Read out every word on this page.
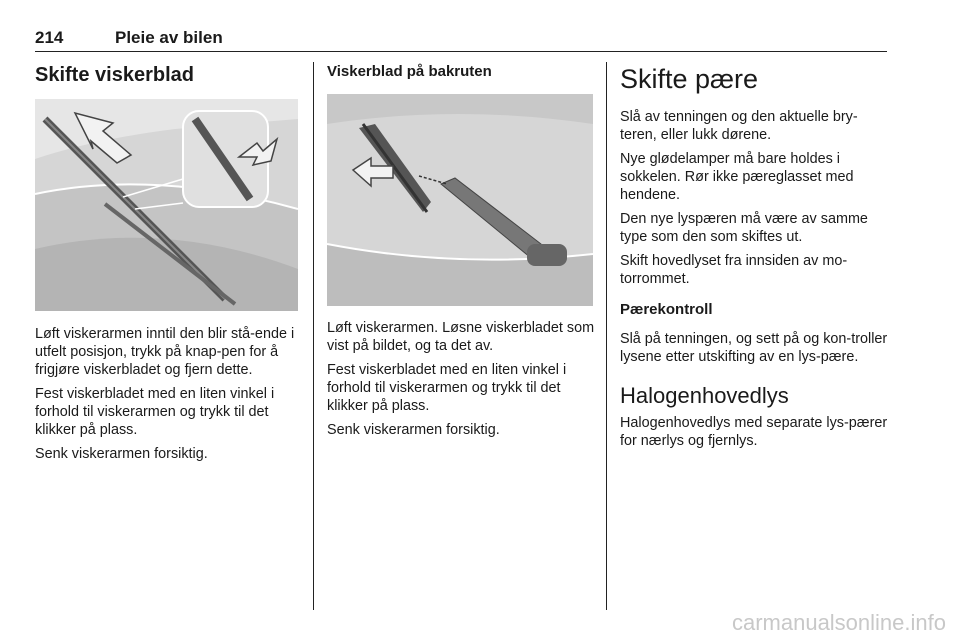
214	Pleie av bilen
Skifte viskerblad

Løft viskerarmen inntil den blir stå-ende i utfelt posisjon, trykk på knap-pen for å frigjøre viskerbladet og fjern dette.

Fest viskerbladet med en liten vinkel i forhold til viskerarmen og trykk til det klikker på plass.

Senk viskerarmen forsiktig.

Viskerblad på bakruten

Løft viskerarmen. Løsne viskerbladet som vist på bildet, og ta det av.

Fest viskerbladet med en liten vinkel i forhold til viskerarmen og trykk til det klikker på plass.

Senk viskerarmen forsiktig.

Skifte pære

Slå av tenningen og den aktuelle bry-teren, eller lukk dørene.

Nye glødelamper må bare holdes i sokkelen. Rør ikke pæreglasset med hendene.

Den nye lyspæren må være av samme type som den som skiftes ut.

Skift hovedlyset fra innsiden av mo-torrommet.

Pærekontroll

Slå på tenningen, og sett på og kon-troller lysene etter utskifting av en lys-pære.

Halogenhovedlys

Halogenhovedlys med separate lys-pærer for nærlys og fjernlys.

carmanualsonline.info
